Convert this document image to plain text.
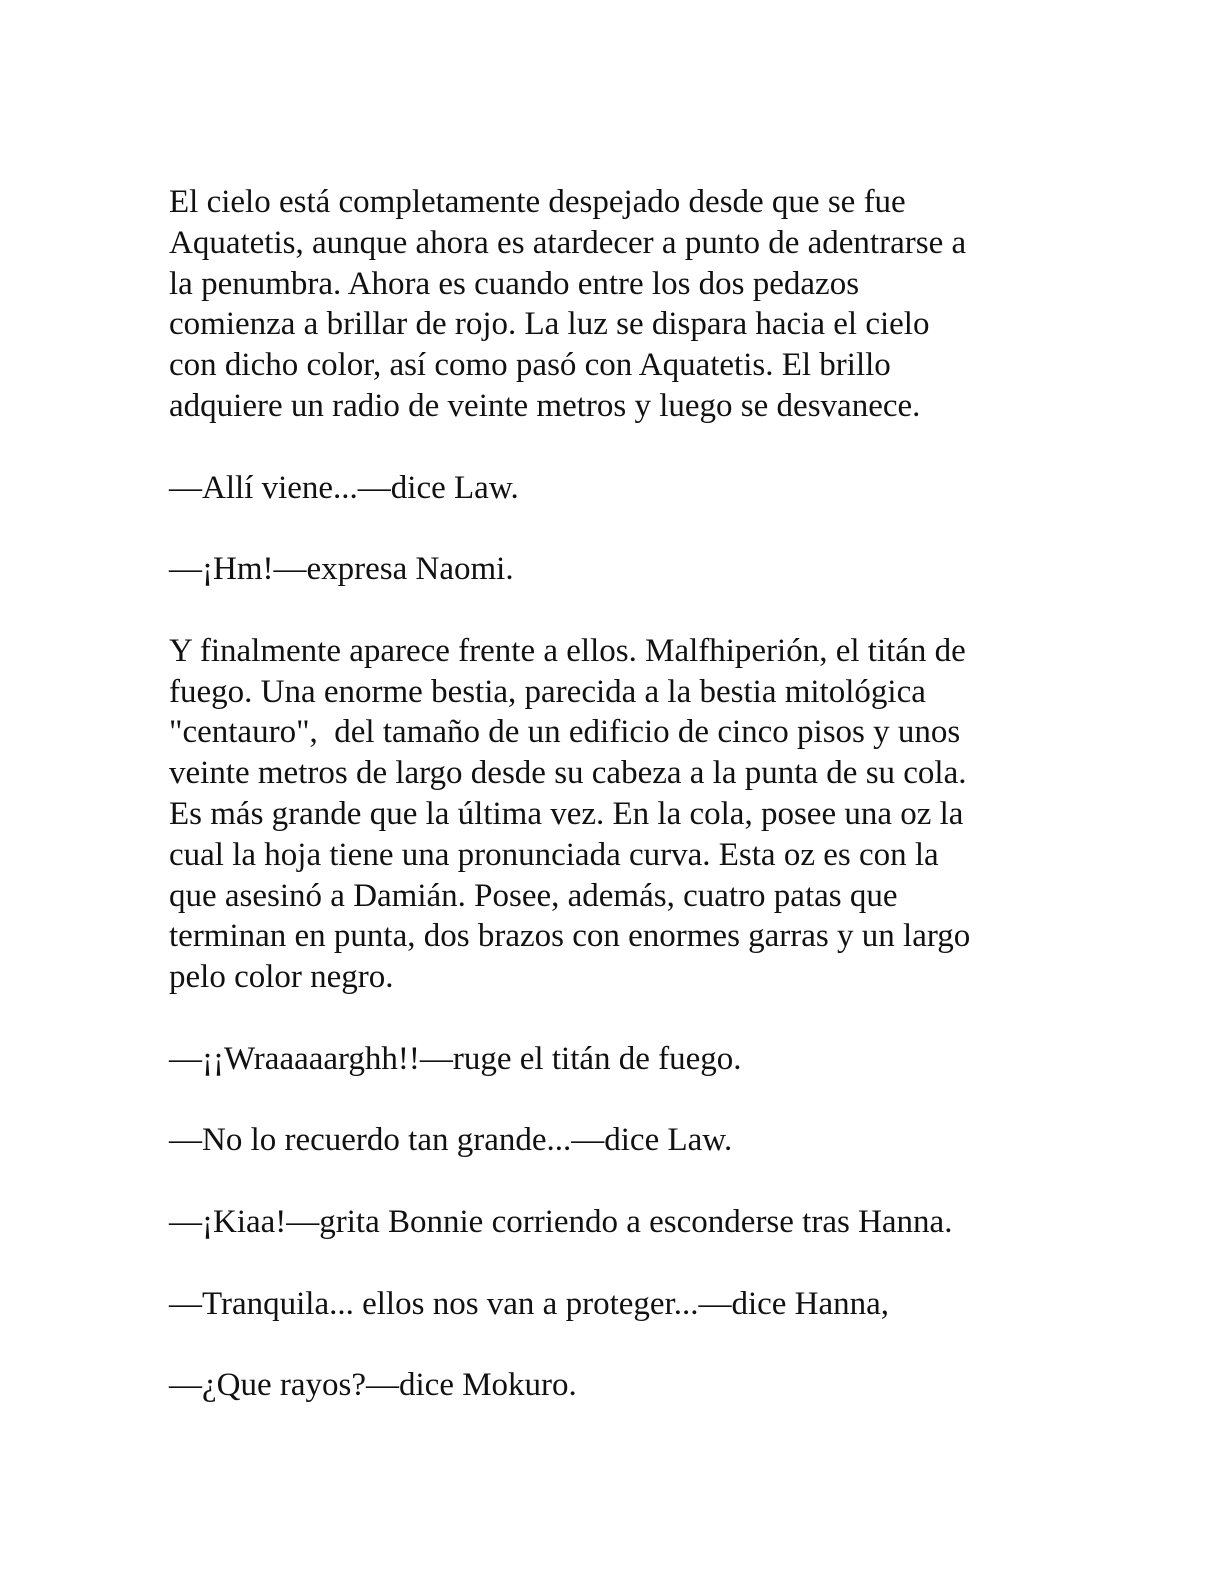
El cielo está completamente despejado desde que se fue
Aquatetis, aunque ahora es atardecer a punto de adentrarse a
la penumbra. Ahora es cuando entre los dos pedazos
comienza a brillar de rojo. La luz se dispara hacia el cielo
con dicho color, así como pasó con Aquatetis. El brillo
adquiere un radio de veinte metros y luego se desvanece.
—Allí viene...—dice Law.
—¡Hm!—expresa Naomi.
Y finalmente aparece frente a ellos. Malfhiperión, el titán de
fuego. Una enorme bestia, parecida a la bestia mitológica
"centauro",  del tamaño de un edificio de cinco pisos y unos
veinte metros de largo desde su cabeza a la punta de su cola.
Es más grande que la última vez. En la cola, posee una oz la
cual la hoja tiene una pronunciada curva. Esta oz es con la
que asesinó a Damián. Posee, además, cuatro patas que
terminan en punta, dos brazos con enormes garras y un largo
pelo color negro.
—¡¡Wraaaaarghh!!—ruge el titán de fuego.
—No lo recuerdo tan grande...—dice Law.
—¡Kiaa!—grita Bonnie corriendo a esconderse tras Hanna.
—Tranquila... ellos nos van a proteger...—dice Hanna,
—¿Que rayos?—dice Mokuro.
